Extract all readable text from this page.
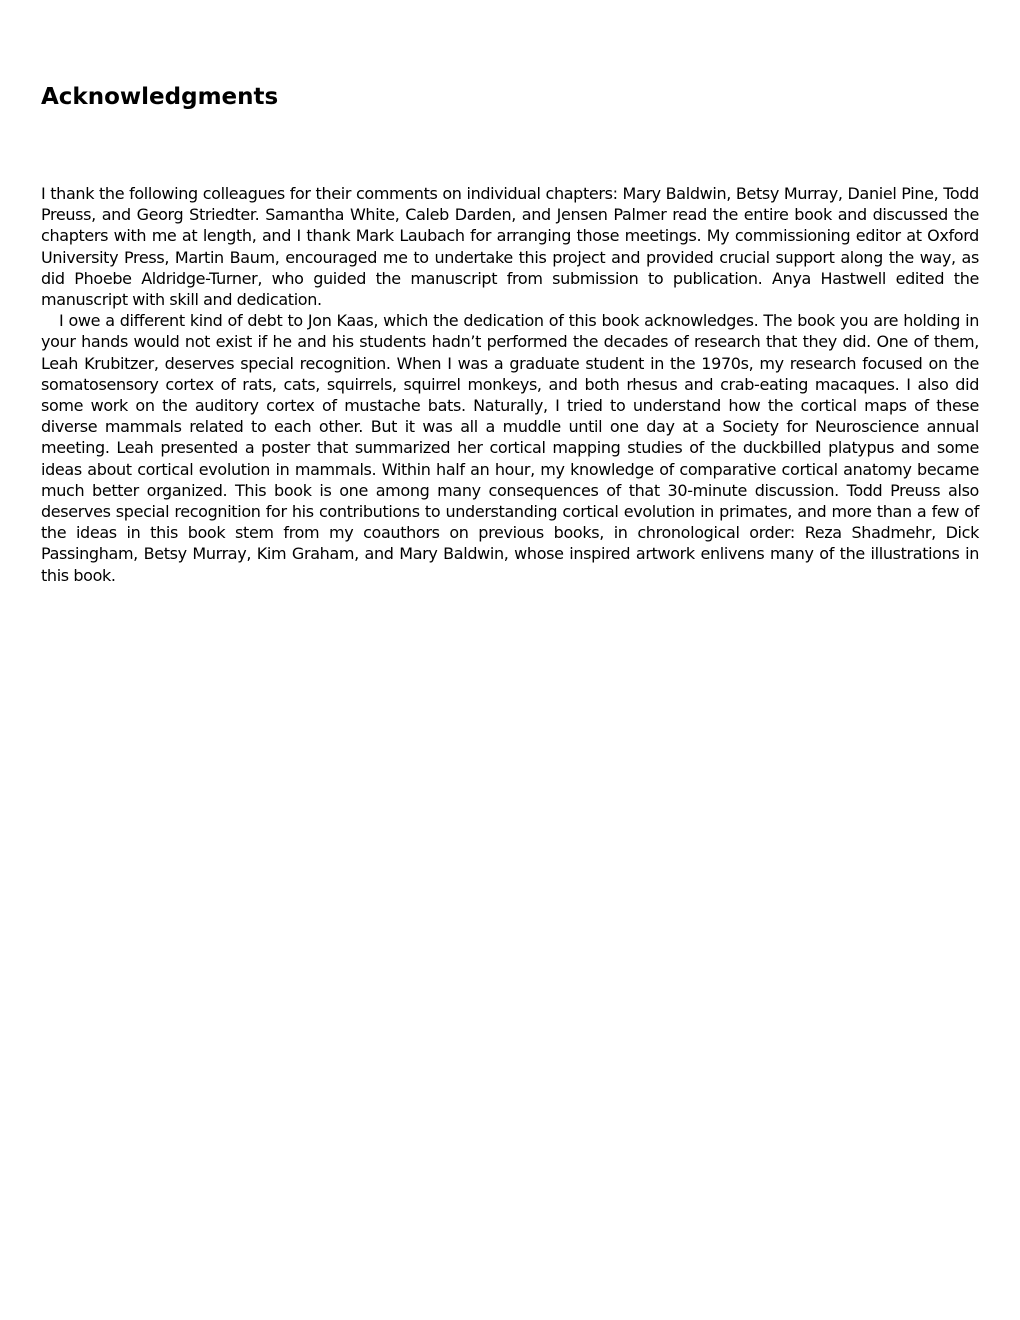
Acknowledgments

I thank the following colleagues for their comments on individual chapters: Mary Baldwin, Betsy Murray, Daniel Pine, Todd Preuss, and Georg Striedter. Samantha White, Caleb Darden, and Jensen Palmer read the entire book and discussed the chapters with me at length, and I thank Mark Laubach for arranging those meetings. My commissioning editor at Oxford University Press, Martin Baum, encouraged me to undertake this project and provided crucial support along the way, as did Phoebe Aldridge-Turner, who guided the manuscript from submission to publication. Anya Hastwell edited the manuscript with skill and dedication.

I owe a different kind of debt to Jon Kaas, which the dedication of this book acknowledges. The book you are holding in your hands would not exist if he and his students hadn’t performed the decades of research that they did. One of them, Leah Krubitzer, deserves special recognition. When I was a graduate student in the 1970s, my research focused on the somatosensory cortex of rats, cats, squirrels, squirrel monkeys, and both rhesus and crab-eating macaques. I also did some work on the auditory cortex of mustache bats. Naturally, I tried to understand how the cortical maps of these diverse mammals related to each other. But it was all a muddle until one day at a Society for Neuroscience annual meeting. Leah presented a poster that summarized her cortical mapping studies of the duckbilled platypus and some ideas about cortical evolution in mammals. Within half an hour, my knowledge of comparative cortical anatomy became much better organized. This book is one among many consequences of that 30-minute discussion. Todd Preuss also deserves special recognition for his contributions to understanding cortical evolution in primates, and more than a few of the ideas in this book stem from my coauthors on previous books, in chronological order: Reza Shadmehr, Dick Passingham, Betsy Murray, Kim Graham, and Mary Baldwin, whose inspired artwork enlivens many of the illustrations in this book.
